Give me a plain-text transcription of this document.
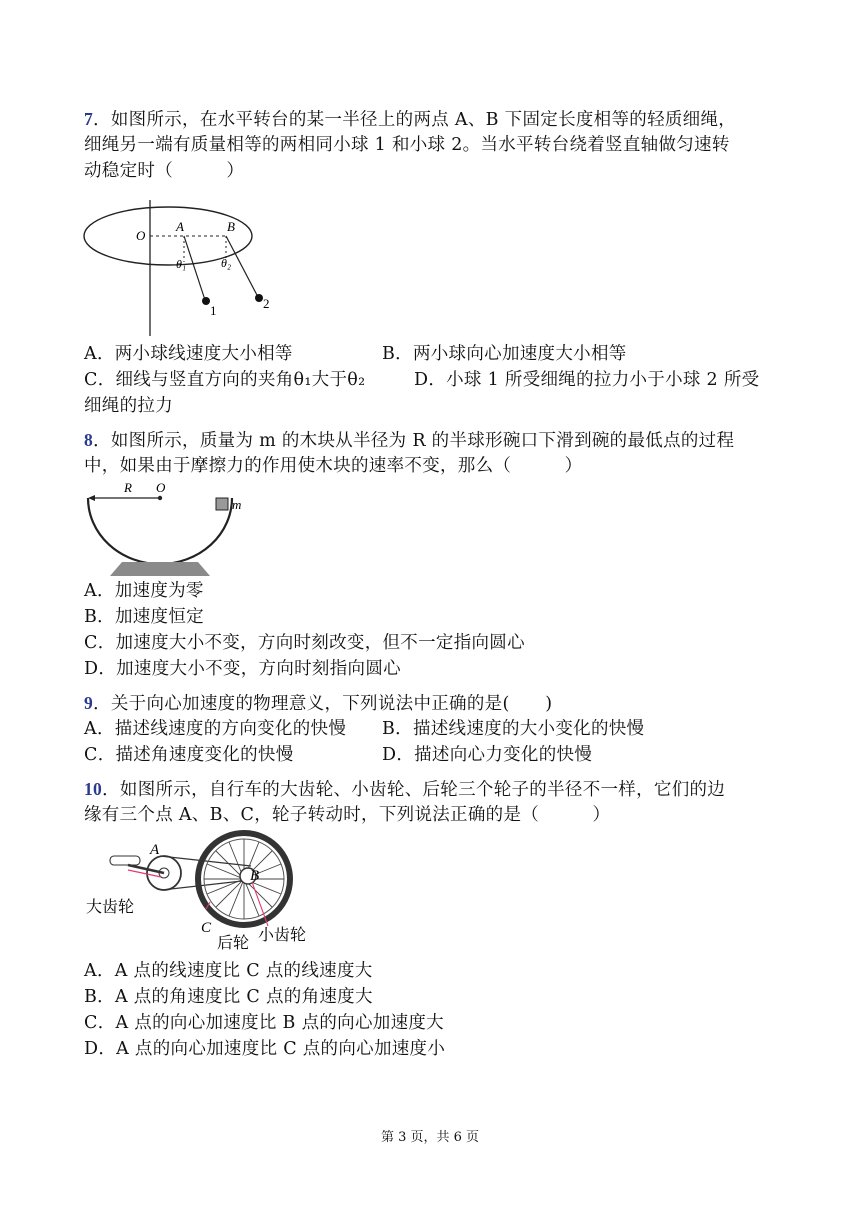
7．如图所示，在水平转台的某一半径上的两点 A、B 下固定长度相等的轻质细绳，
细绳另一端有质量相等的两相同小球 1 和小球 2。当水平转台绕着竖直轴做匀速转
动稳定时（　　　）
O
A	B
θ₁	θ₂
1	2
A．两小球线速度大小相等	B．两小球向心加速度大小相等
C．细线与竖直方向的夹角θ₁大于θ₂	D．小球 1 所受细绳的拉力小于小球 2 所受
细绳的拉力
8．如图所示，质量为 m 的木块从半径为 R 的半球形碗口下滑到碗的最低点的过程
中，如果由于摩擦力的作用使木块的速率不变，那么（　　　）
R O
m
A．加速度为零
B．加速度恒定
C．加速度大小不变，方向时刻改变，但不一定指向圆心
D．加速度大小不变，方向时刻指向圆心
9．关于向心加速度的物理意义，下列说法中正确的是(　　)
A．描述线速度的方向变化的快慢 B．描述线速度的大小变化的快慢
C．描述角速度变化的快慢	D．描述向心力变化的快慢
10．如图所示，自行车的大齿轮、小齿轮、后轮三个轮子的半径不一样，它们的边
缘有三个点 A、B、C，轮子转动时，下列说法正确的是（　　　）
A
B
C
大齿轮
后轮 小齿轮
A．A 点的线速度比 C 点的线速度大
B．A 点的角速度比 C 点的角速度大
C．A 点的向心加速度比 B 点的向心加速度大
D．A 点的向心加速度比 C 点的向心加速度小
第 3 页，共 6 页
